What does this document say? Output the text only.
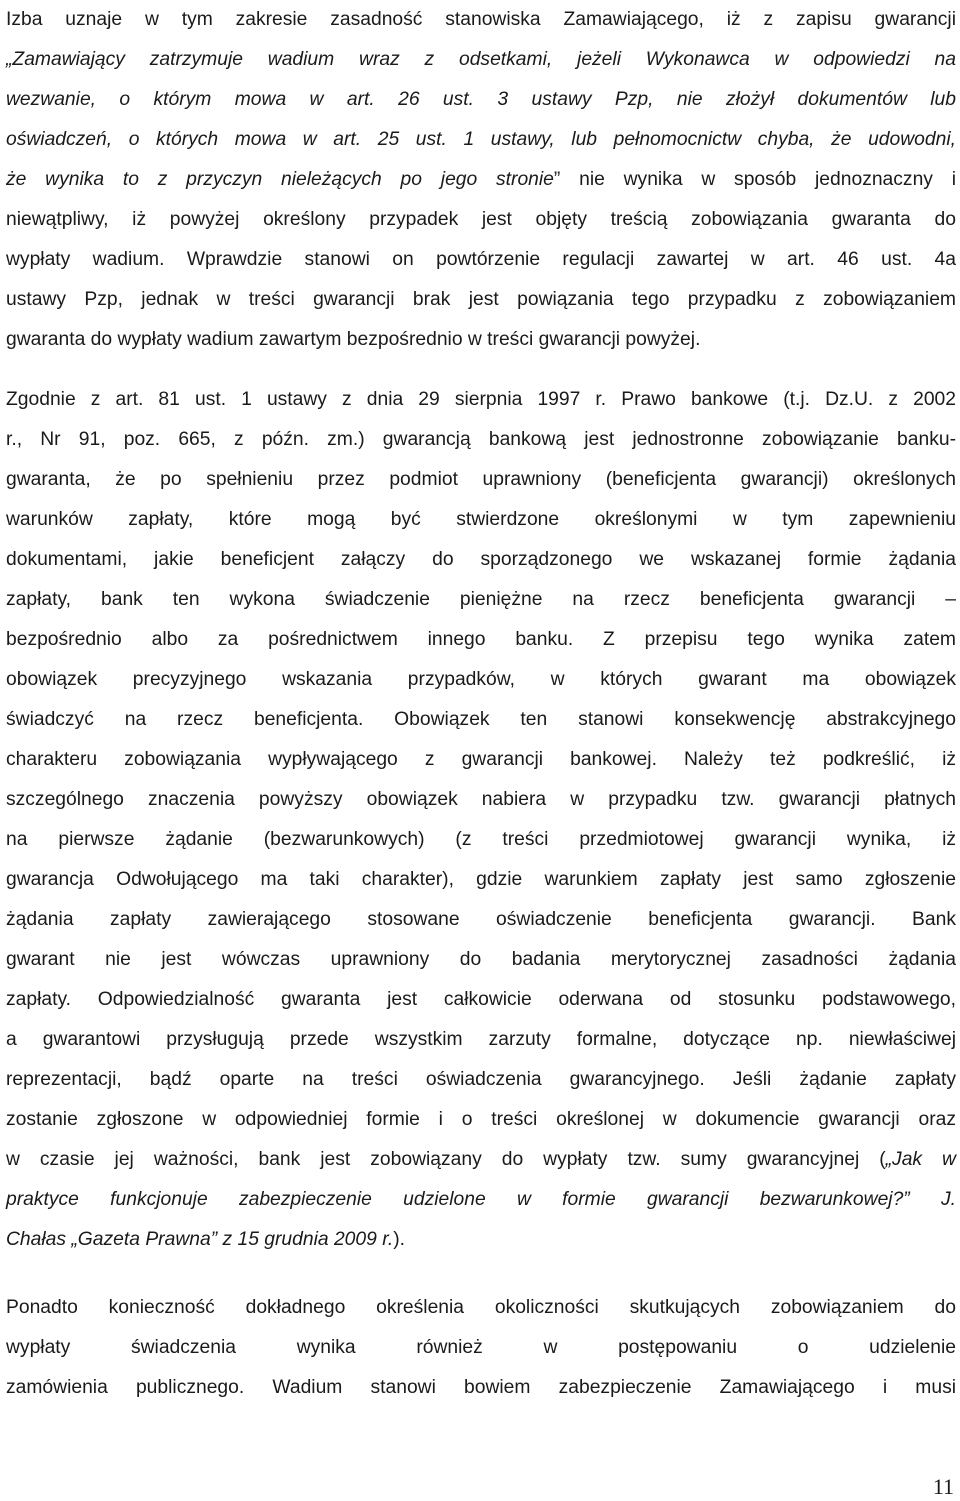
Izba uznaje w tym zakresie zasadność stanowiska Zamawiającego, iż z zapisu gwarancji
„Zamawiający zatrzymuje wadium wraz z odsetkami, jeżeli Wykonawca w odpowiedzi na
wezwanie, o którym mowa w art. 26 ust. 3 ustawy Pzp, nie złożył dokumentów lub
oświadczeń, o których mowa w art. 25 ust. 1 ustawy, lub pełnomocnictw chyba, że udowodni,
że wynika to z przyczyn nieleżących po jego stronie” nie wynika w sposób jednoznaczny i
niewątpliwy, iż powyżej określony przypadek jest objęty treścią zobowiązania gwaranta do
wypłaty wadium. Wprawdzie stanowi on powtórzenie regulacji zawartej w art. 46 ust. 4a
ustawy Pzp, jednak w treści gwarancji brak jest powiązania tego przypadku z zobowiązaniem
gwaranta do wypłaty wadium zawartym bezpośrednio w treści gwarancji powyżej.
Zgodnie z art. 81 ust. 1 ustawy z dnia 29 sierpnia 1997 r. Prawo bankowe (t.j. Dz.U. z 2002
r., Nr 91, poz. 665, z późn. zm.) gwarancją bankową jest jednostronne zobowiązanie banku-
gwaranta, że po spełnieniu przez podmiot uprawniony (beneficjenta gwarancji) określonych
warunków zapłaty, które mogą być stwierdzone określonymi w tym zapewnieniu
dokumentami, jakie beneficjent załączy do sporządzonego we wskazanej formie żądania
zapłaty, bank ten wykona świadczenie pieniężne na rzecz beneficjenta gwarancji –
bezpośrednio albo za pośrednictwem innego banku. Z przepisu tego wynika zatem
obowiązek precyzyjnego wskazania przypadków, w których gwarant ma obowiązek
świadczyć na rzecz beneficjenta. Obowiązek ten stanowi konsekwencję abstrakcyjnego
charakteru zobowiązania wypływającego z gwarancji bankowej. Należy też podkreślić, iż
szczególnego znaczenia powyższy obowiązek nabiera w przypadku tzw. gwarancji płatnych
na pierwsze żądanie (bezwarunkowych) (z treści przedmiotowej gwarancji wynika, iż
gwarancja Odwołującego ma taki charakter), gdzie warunkiem zapłaty jest samo zgłoszenie
żądania zapłaty zawierającego stosowane oświadczenie beneficjenta gwarancji. Bank
gwarant nie jest wówczas uprawniony do badania merytorycznej zasadności żądania
zapłaty. Odpowiedzialność gwaranta jest całkowicie oderwana od stosunku podstawowego,
a gwarantowi przysługują przede wszystkim zarzuty formalne, dotyczące np. niewłaściwej
reprezentacji, bądź oparte na treści oświadczenia gwarancyjnego. Jeśli żądanie zapłaty
zostanie zgłoszone w odpowiedniej formie i o treści określonej w dokumencie gwarancji oraz
w czasie jej ważności, bank jest zobowiązany do wypłaty tzw. sumy gwarancyjnej („Jak w
praktyce funkcjonuje zabezpieczenie udzielone w formie gwarancji bezwarunkowej?” J.
Chałas „Gazeta Prawna” z 15 grudnia 2009 r.).
Ponadto konieczność dokładnego określenia okoliczności skutkujących zobowiązaniem do
wypłaty świadczenia wynika również w postępowaniu o udzielenie
zamówienia publicznego. Wadium stanowi bowiem zabezpieczenie Zamawiającego i musi
11
